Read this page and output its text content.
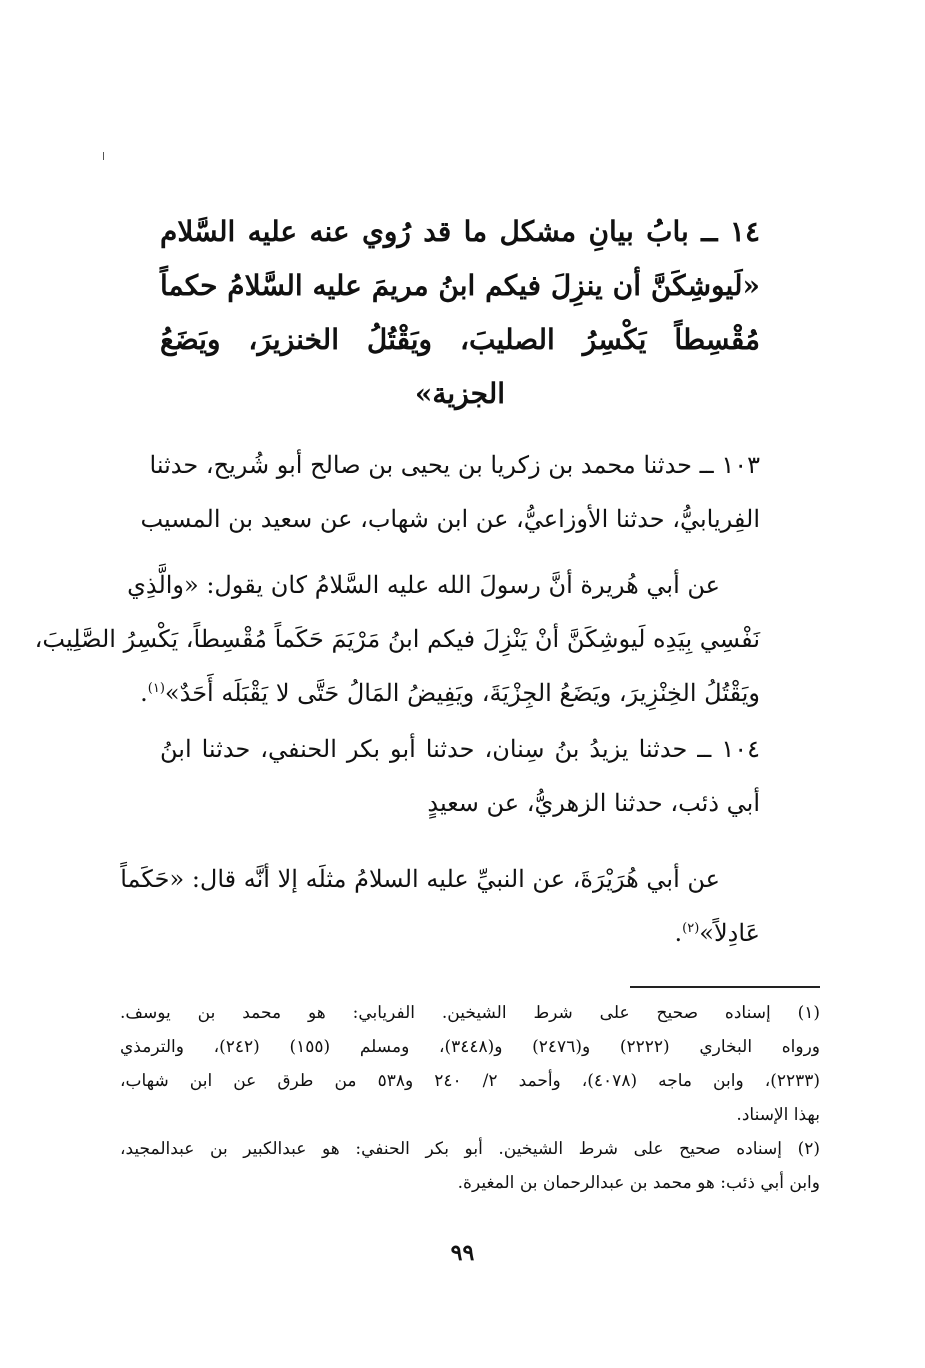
١٤ ــ بابُ بيانِ مشكل ما قد رُوي عنه عليه السَّلام
«لَيوشِكَنَّ أن ينزِلَ فيكم ابنُ مريمَ عليه السَّلامُ حكماً
مُقْسِطاً يَكْسِرُ الصليبَ، ويَقْتُلُ الخنزيرَ، ويَضَعُ
الجزية»
١٠٣ ــ حدثنا محمد بن زكريا بن يحيى بن صالح أبو شُريح، حدثنا
الفِريابيُّ، حدثنا الأوزاعيُّ، عن ابن شهاب، عن سعيد بن المسيب
عن أبي هُريرة أنَّ رسولَ الله عليه السَّلامُ كان يقول: «والَّذِي
نَفْسِي بِيَدِه لَيوشِكَنَّ أنْ يَنْزِلَ فيكم ابنُ مَرْيَمَ حَكَماً مُقْسِطاً، يَكْسِرُ الصَّلِيبَ،
ويَقْتُلُ الخِنْزِيرَ، ويَضَعُ الجِزْيَةَ، ويَفِيضُ المَالُ حَتَّى لا يَقْبَلَه أَحَدٌ»$^{(١)}$.
١٠٤ ــ حدثنا يزيدُ بنُ سِنان، حدثنا أبو بكر الحنفي، حدثنا ابنُ
أبي ذئب، حدثنا الزهريُّ، عن سعيدٍ
عن أبي هُرَيْرَةَ، عن النبيِّ عليه السلامُ مثلَه إلا أنَّه قال: «حَكَماً
عَادِلاً»$^{(٢)}$.
(١) إسناده صحيح على شرط الشيخين. الفريابي: هو محمد بن يوسف.
ورواه البخاري (٢٢٢٢) و(٢٤٧٦) و(٣٤٤٨)، ومسلم (١٥٥) (٢٤٢)، والترمذي
(٢٢٣٣)، وابن ماجه (٤٠٧٨)، وأحمد ٢/ ٢٤٠ و٥٣٨ من طرق عن ابن شهاب،
بهذا الإسناد.
(٢) إسناده صحيح على شرط الشيخين. أبو بكر الحنفي: هو عبدالكبير بن عبدالمجيد،
وابن أبي ذئب: هو محمد بن عبدالرحمان بن المغيرة.
٩٩
